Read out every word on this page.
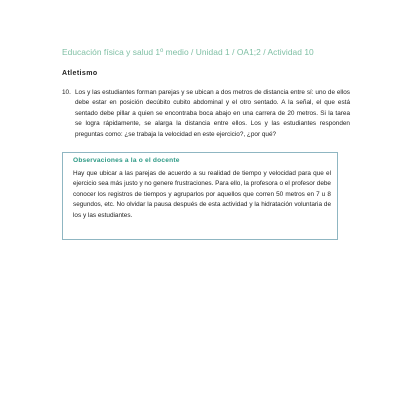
Educación física y salud 1º medio / Unidad 1 / OA1;2 / Actividad 10
Atletismo
10. Los y las estudiantes forman parejas y se ubican a dos metros de distancia entre sí: uno de ellos debe estar en posición decúbito cubito abdominal y el otro sentado. A la señal, el que está sentado debe pillar a quien se encontraba boca abajo en una carrera de 20 metros. Si la tarea se logra rápidamente, se alarga la distancia entre ellos. Los y las estudiantes responden preguntas como: ¿se trabaja la velocidad en este ejercicio?, ¿por qué?
Observaciones a la o el docente
Hay que ubicar a las parejas de acuerdo a su realidad de tiempo y velocidad para que el ejercicio sea más justo y no genere frustraciones. Para ello, la profesora o el profesor debe conocer los registros de tiempos y agruparlos por aquellos que corren 50 metros en 7 u 8 segundos, etc. No olvidar la pausa después de esta actividad y la hidratación voluntaria de los y las estudiantes.
